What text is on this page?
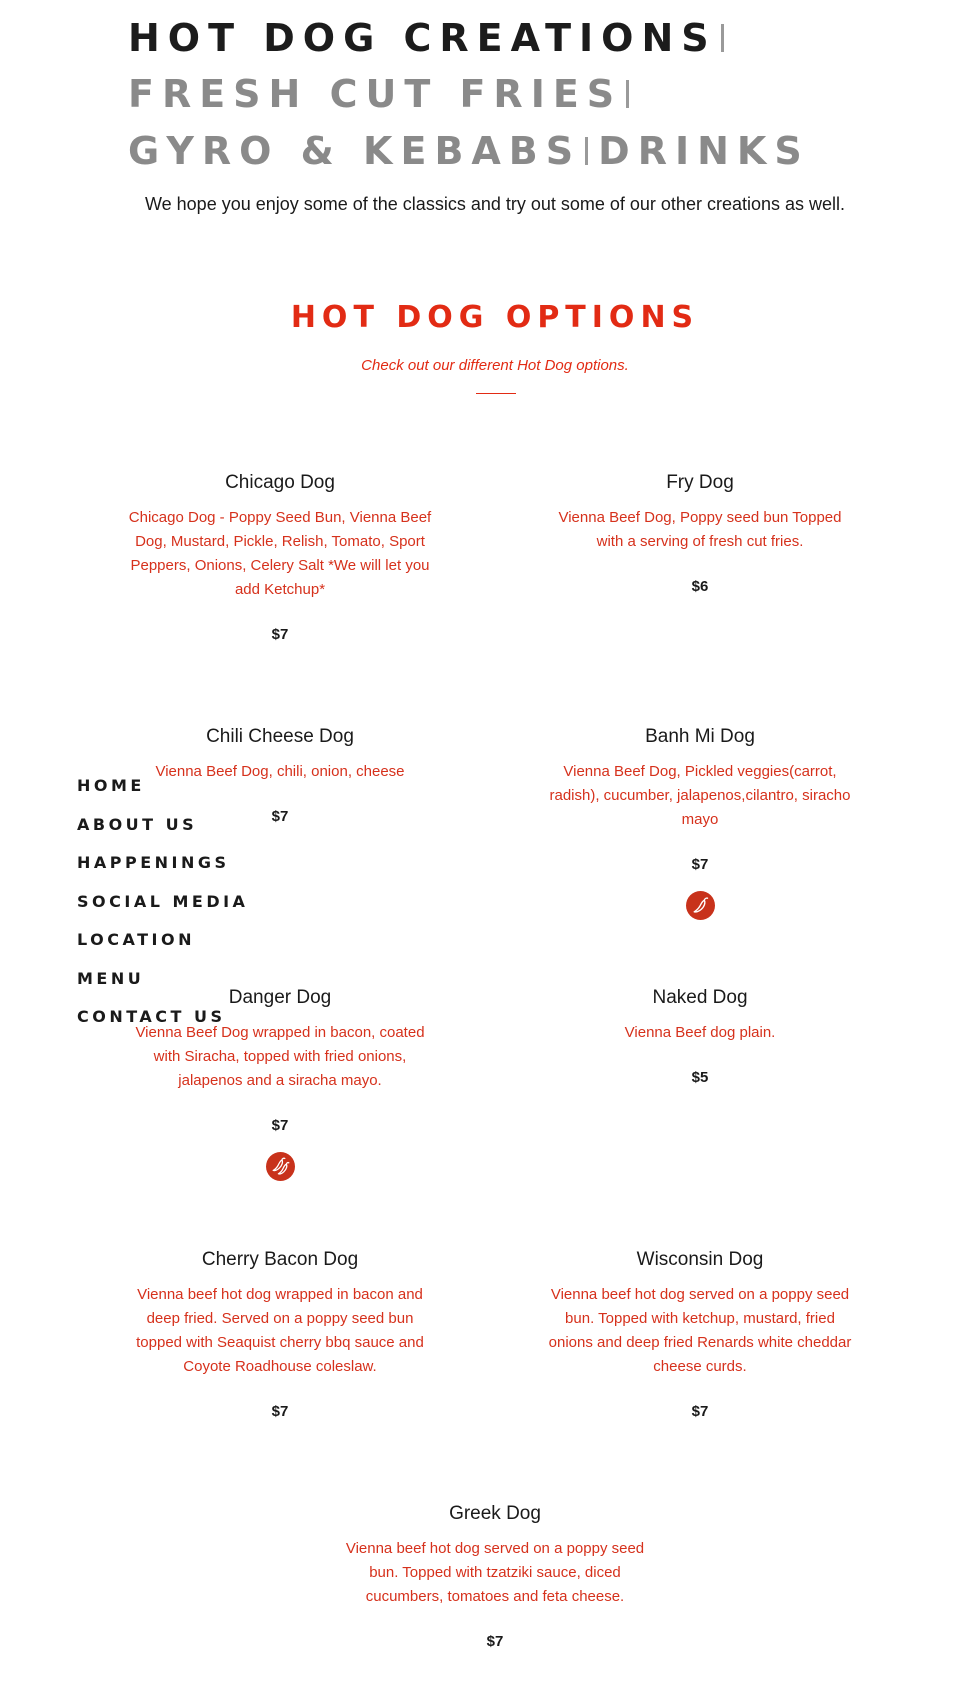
HOT DOG CREATIONS
FRESH CUT FRIES
GYRO & KEBABS DRINKS
We hope you enjoy some of the classics and try out some of our other creations as well.
HOT DOG OPTIONS
Check out our different Hot Dog options.
Chicago Dog
Chicago Dog - Poppy Seed Bun, Vienna Beef Dog, Mustard, Pickle, Relish, Tomato, Sport Peppers, Onions, Celery Salt *We will let you add Ketchup*
$7
Fry Dog
Vienna Beef Dog, Poppy seed bun Topped with a serving of fresh cut fries.
$6
Chili Cheese Dog
Vienna Beef Dog, chili, onion, cheese
$7
Banh Mi Dog
Vienna Beef Dog, Pickled veggies(carrot, radish), cucumber, jalapenos,cilantro, siracho mayo
$7
Danger Dog
Vienna Beef Dog wrapped in bacon, coated with Siracha, topped with fried onions, jalapenos and a siracha mayo.
$7
Naked Dog
Vienna Beef dog plain.
$5
Cherry Bacon Dog
Vienna beef hot dog wrapped in bacon and deep fried. Served on a poppy seed bun topped with Seaquist cherry bbq sauce and Coyote Roadhouse coleslaw.
$7
Wisconsin Dog
Vienna beef hot dog served on a poppy seed bun. Topped with ketchup, mustard, fried onions and deep fried Renards white cheddar cheese curds.
$7
Greek Dog
Vienna beef hot dog served on a poppy seed bun. Topped with tzatziki sauce, diced cucumbers, tomatoes and feta cheese.
$7
HOME
ABOUT US
HAPPENINGS
SOCIAL MEDIA
LOCATION
MENU
CONTACT US
